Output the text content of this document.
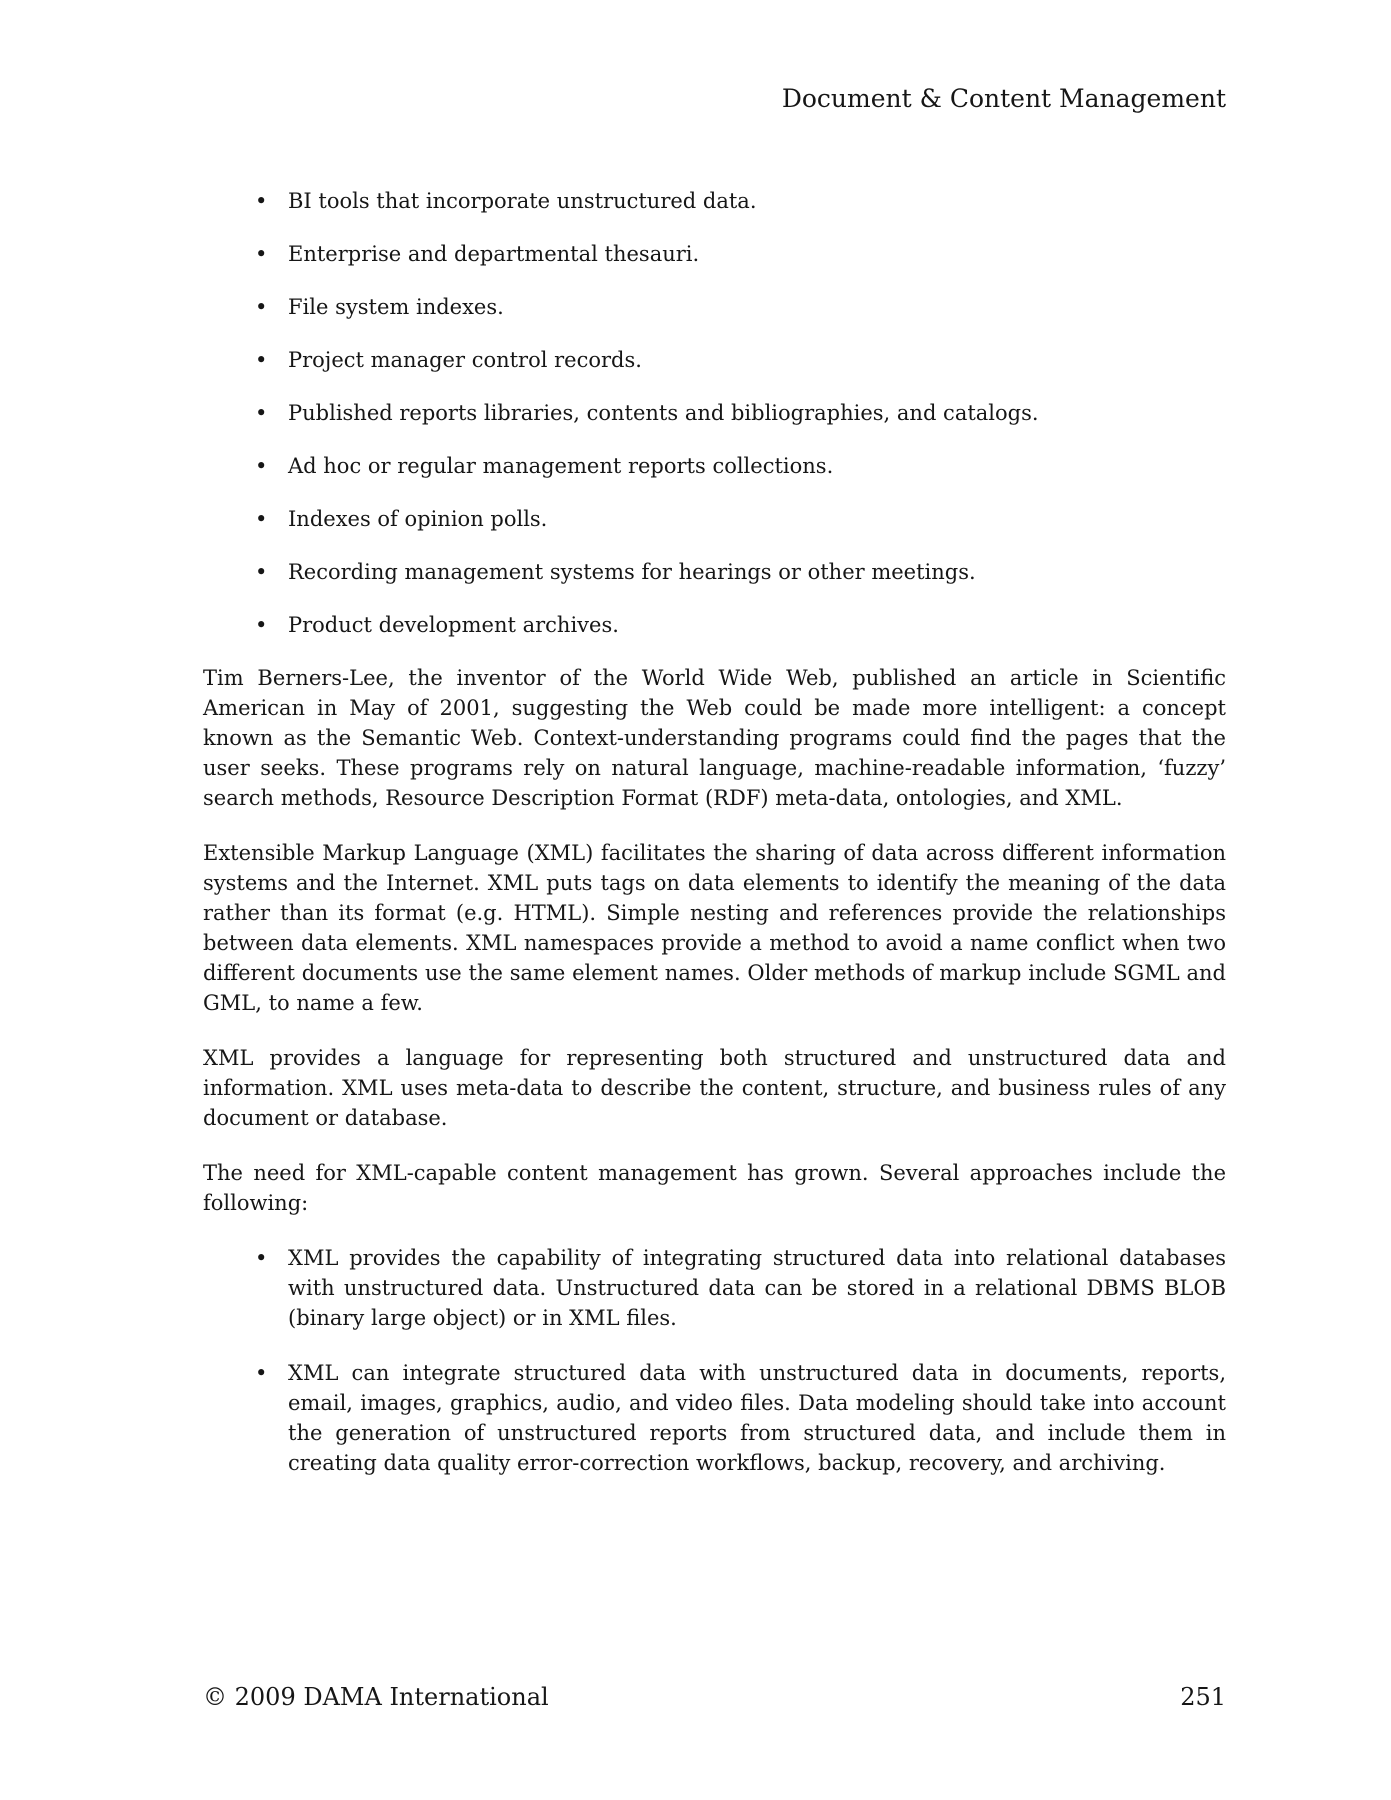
Document & Content Management
• BI tools that incorporate unstructured data.
• Enterprise and departmental thesauri.
• File system indexes.
• Project manager control records.
• Published reports libraries, contents and bibliographies, and catalogs.
• Ad hoc or regular management reports collections.
• Indexes of opinion polls.
• Recording management systems for hearings or other meetings.
• Product development archives.

Tim Berners-Lee, the inventor of the World Wide Web, published an article in Scientific American in May of 2001, suggesting the Web could be made more intelligent: a concept known as the Semantic Web. Context-understanding programs could find the pages that the user seeks. These programs rely on natural language, machine-readable information, ‘fuzzy’ search methods, Resource Description Format (RDF) meta-data, ontologies, and XML.

Extensible Markup Language (XML) facilitates the sharing of data across different information systems and the Internet. XML puts tags on data elements to identify the meaning of the data rather than its format (e.g. HTML). Simple nesting and references provide the relationships between data elements. XML namespaces provide a method to avoid a name conflict when two different documents use the same element names. Older methods of markup include SGML and GML, to name a few.

XML provides a language for representing both structured and unstructured data and information. XML uses meta-data to describe the content, structure, and business rules of any document or database.

The need for XML-capable content management has grown. Several approaches include the following:

• XML provides the capability of integrating structured data into relational databases with unstructured data. Unstructured data can be stored in a relational DBMS BLOB (binary large object) or in XML files.
• XML can integrate structured data with unstructured data in documents, reports, email, images, graphics, audio, and video files. Data modeling should take into account the generation of unstructured reports from structured data, and include them in creating data quality error-correction workflows, backup, recovery, and archiving.
© 2009 DAMA International	251
